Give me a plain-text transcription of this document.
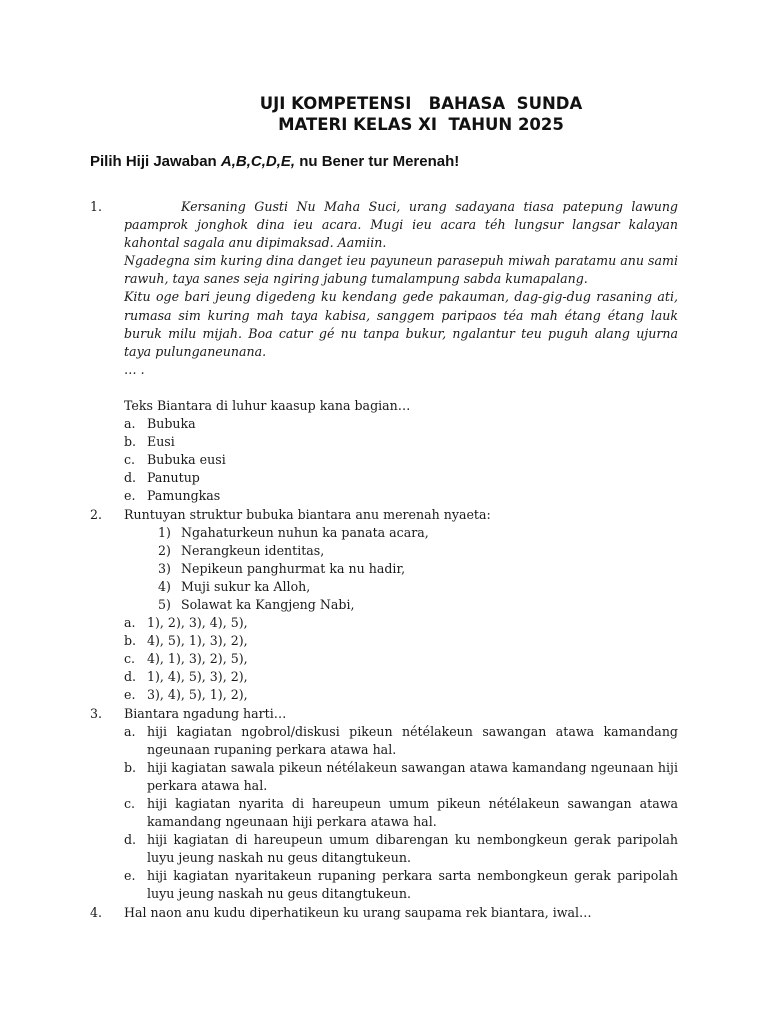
UJI KOMPETENSI   BAHASA  SUNDA
MATERI KELAS XI  TAHUN 2025
Pilih Hiji Jawaban A,B,C,D,E, nu Bener tur Merenah!
1.	Kersaning Gusti Nu Maha Suci, urang sadayana tiasa patepung lawung paamprok jonghok dina ieu acara. Mugi ieu acara téh lungsur langsar kalayan kahontal sagala anu dipimaksad. Aamiin.

Ngadegna sim kuring dina danget ieu payuneun parasepuh miwah paratamu anu sami rawuh, taya sanes seja ngiring jabung tumalampung sabda kumapalang.

Kitu oge bari jeung digedeng ku kendang gede pakauman, dag-gig-dug rasaning ati, rumasa sim kuring mah taya kabisa, sanggem paripaos téa mah étang étang lauk buruk milu mijah. Boa catur gé nu tanpa bukur, ngalantur teu puguh alang ujurna taya pulunganeunana.

… .

Teks Biantara di luhur kaasup kana bagian…
a. Bubuka
b. Eusi
c. Bubuka eusi
d. Panutup
e. Pamungkas
2. Runtuyan struktur bubuka biantara anu merenah nyaeta:
1) Ngahaturkeun nuhun ka panata acara,
2) Nerangkeun identitas,
3) Nepikeun panghurmat ka nu hadir,
4) Muji sukur ka Alloh,
5) Solawat ka Kangjeng Nabi,
a. 1), 2), 3), 4), 5),
b. 4), 5), 1), 3), 2),
c. 4), 1), 3), 2), 5),
d. 1), 4), 5), 3), 2),
e. 3), 4), 5), 1), 2),
3. Biantara ngadung harti…
a. hiji kagiatan ngobrol/diskusi pikeun nétélakeun sawangan atawa kamandang ngeunaan rupaning perkara atawa hal.
b. hiji kagiatan sawala pikeun nétélakeun sawangan atawa kamandang ngeunaan hiji perkara atawa hal.
c. hiji kagiatan nyarita di hareupeun umum pikeun nétélakeun sawangan atawa kamandang ngeunaan hiji perkara atawa hal.
d. hiji kagiatan di hareupeun umum dibarengan ku nembongkeun gerak paripolah luyu jeung naskah nu geus ditangtukeun.
e. hiji kagiatan nyaritakeun rupaning perkara sarta nembongkeun gerak paripolah luyu jeung naskah nu geus ditangtukeun.
4. Hal naon anu kudu diperhatikeun ku urang saupama rek biantara, iwal…
